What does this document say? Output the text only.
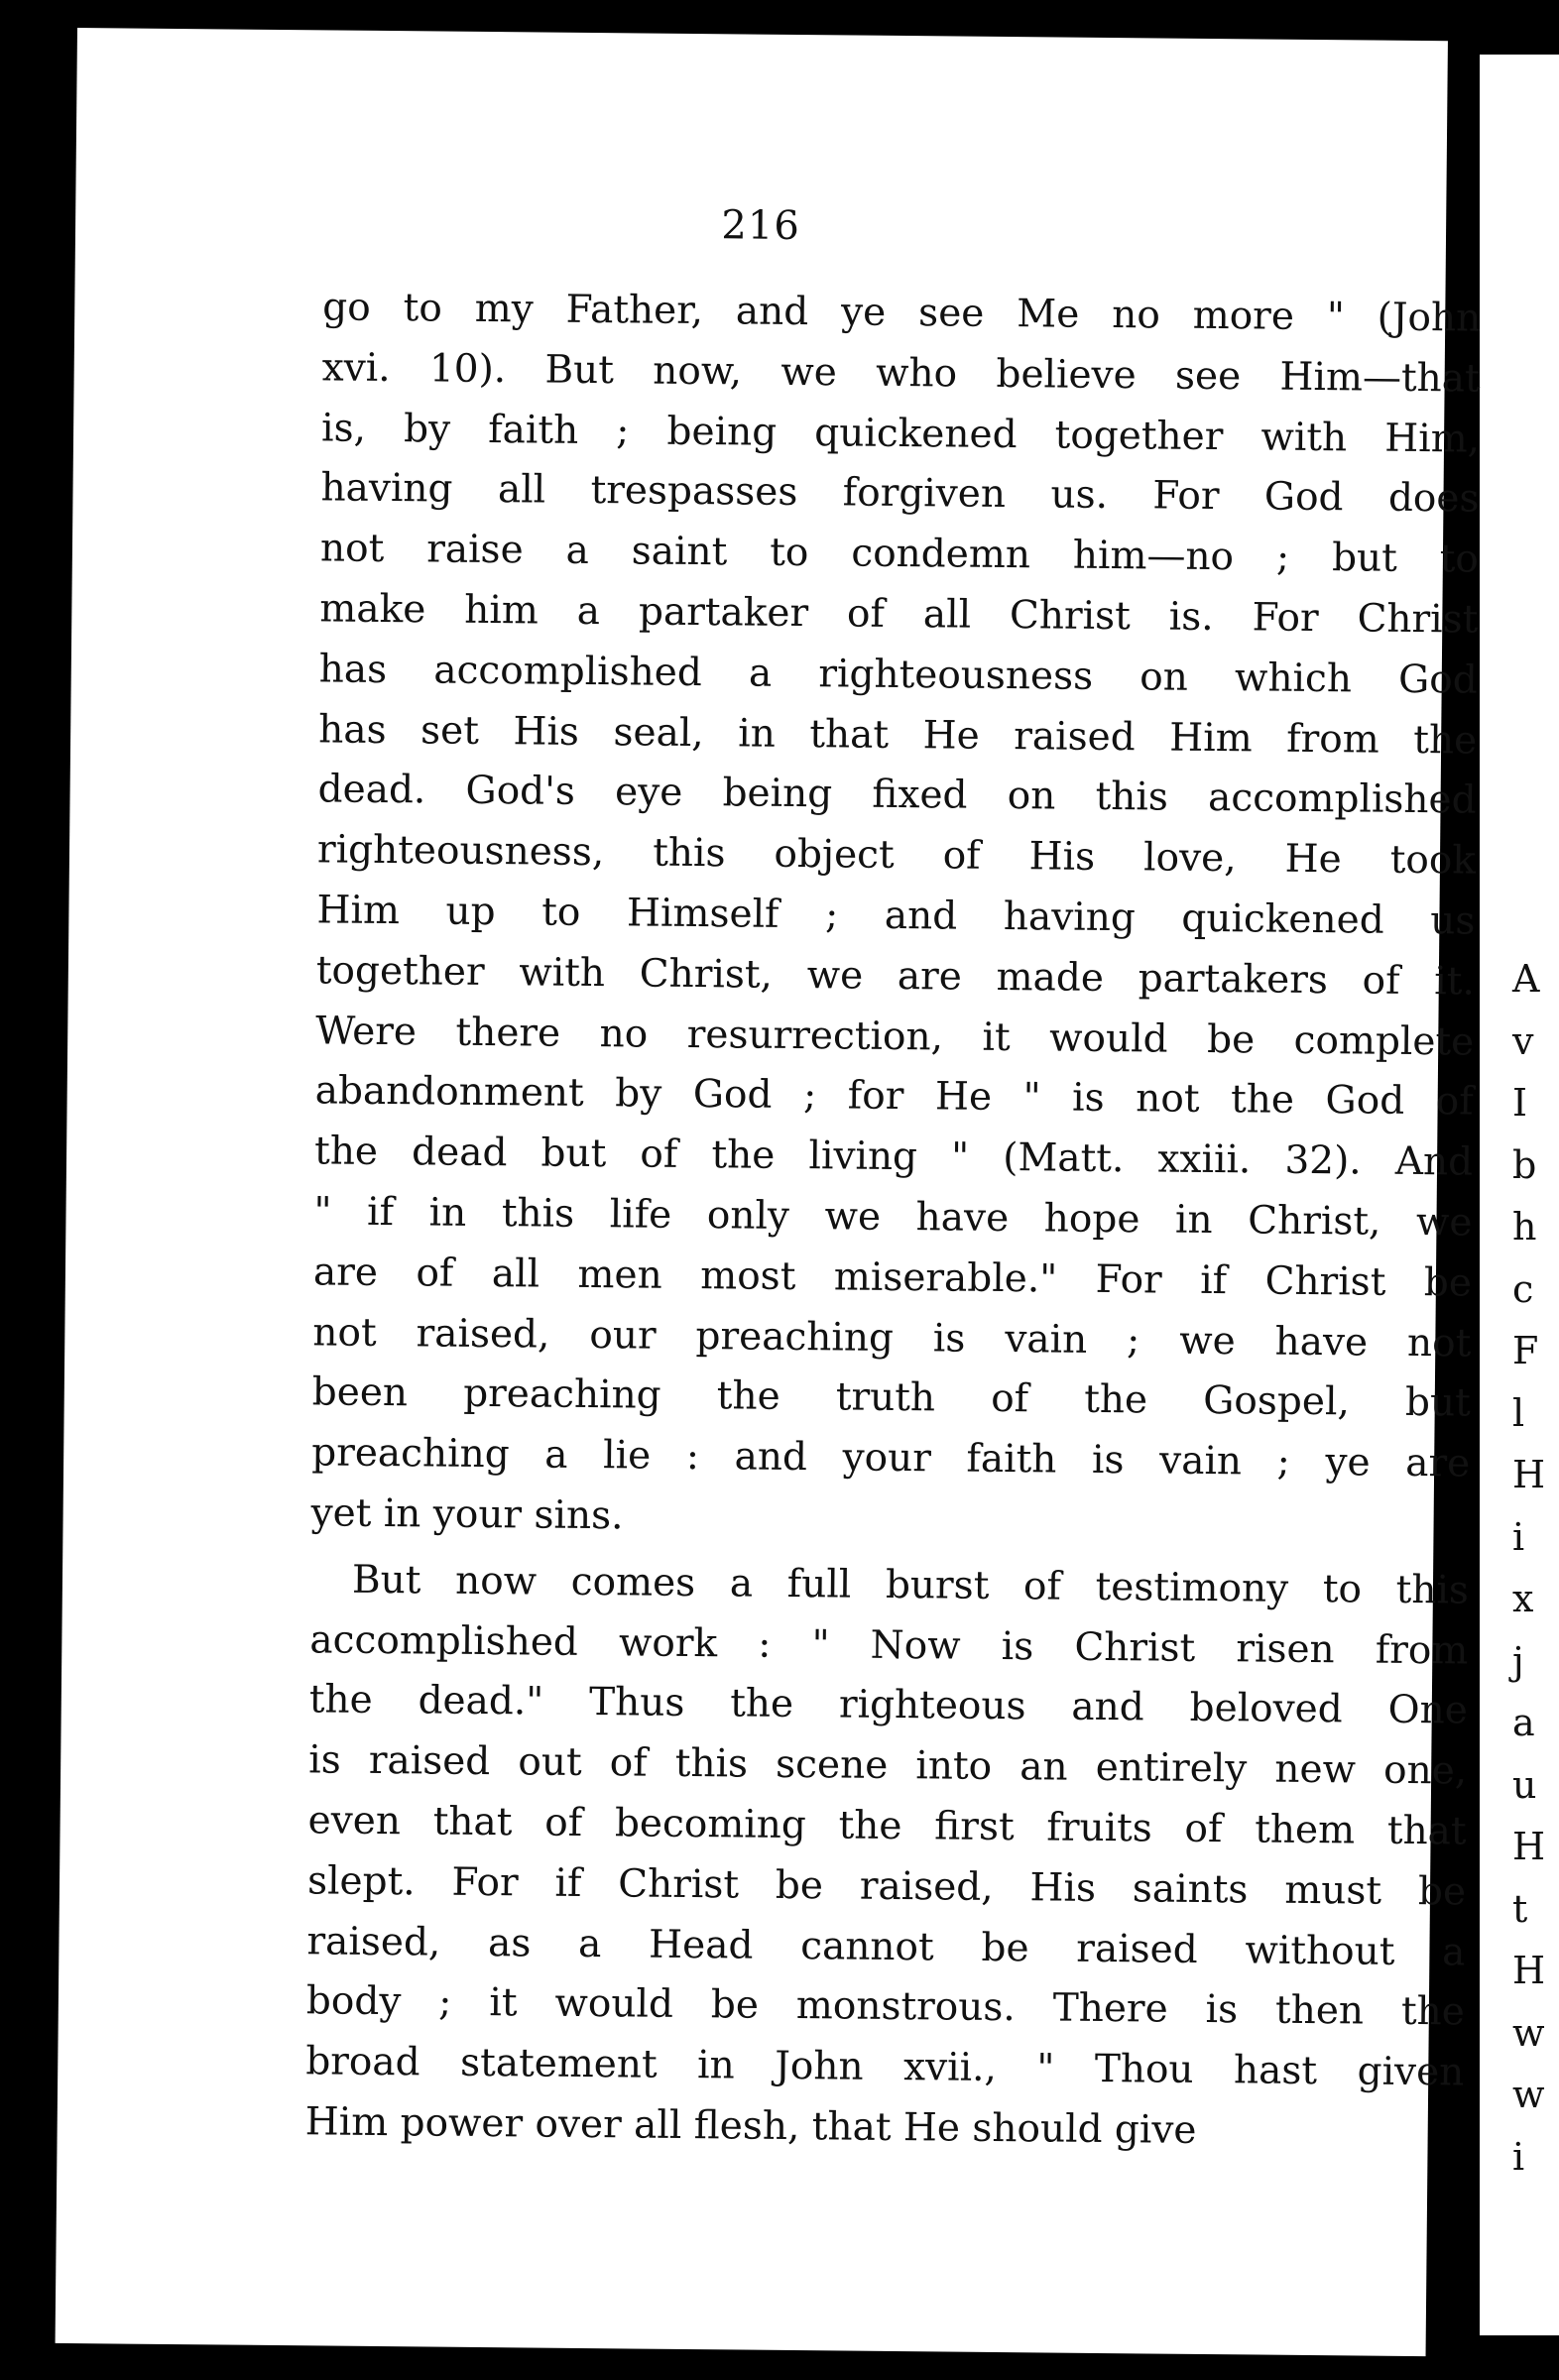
A
v
I
b
h
c
F
l
H
i
x
j
a
u
H
t
H
w
w
i
216
go to my Father, and ye see Me no more " (John
xvi. 10). But now, we who believe see Him—that
is, by faith ; being quickened together with Him,
having all trespasses forgiven us. For God does
not raise a saint to condemn him—no ; but to
make him a partaker of all Christ is. For Christ
has accomplished a righteousness on which God
has set His seal, in that He raised Him from the
dead. God's eye being fixed on this accomplished
righteousness, this object of His love, He took
Him up to Himself ; and having quickened us
together with Christ, we are made partakers of it.
Were there no resurrection, it would be complete
abandonment by God ; for He " is not the God of
the dead but of the living " (Matt. xxiii. 32). And
" if in this life only we have hope in Christ, we
are of all men most miserable." For if Christ be
not raised, our preaching is vain ; we have not
been preaching the truth of the Gospel, but
preaching a lie : and your faith is vain ; ye are
yet in your sins.
But now comes a full burst of testimony to this
accomplished work : " Now is Christ risen from
the dead." Thus the righteous and beloved One
is raised out of this scene into an entirely new one,
even that of becoming the first fruits of them that
slept. For if Christ be raised, His saints must be
raised, as a Head cannot be raised without a
body ; it would be monstrous. There is then the
broad statement in John xvii., " Thou hast given
Him power over all flesh, that He should give
